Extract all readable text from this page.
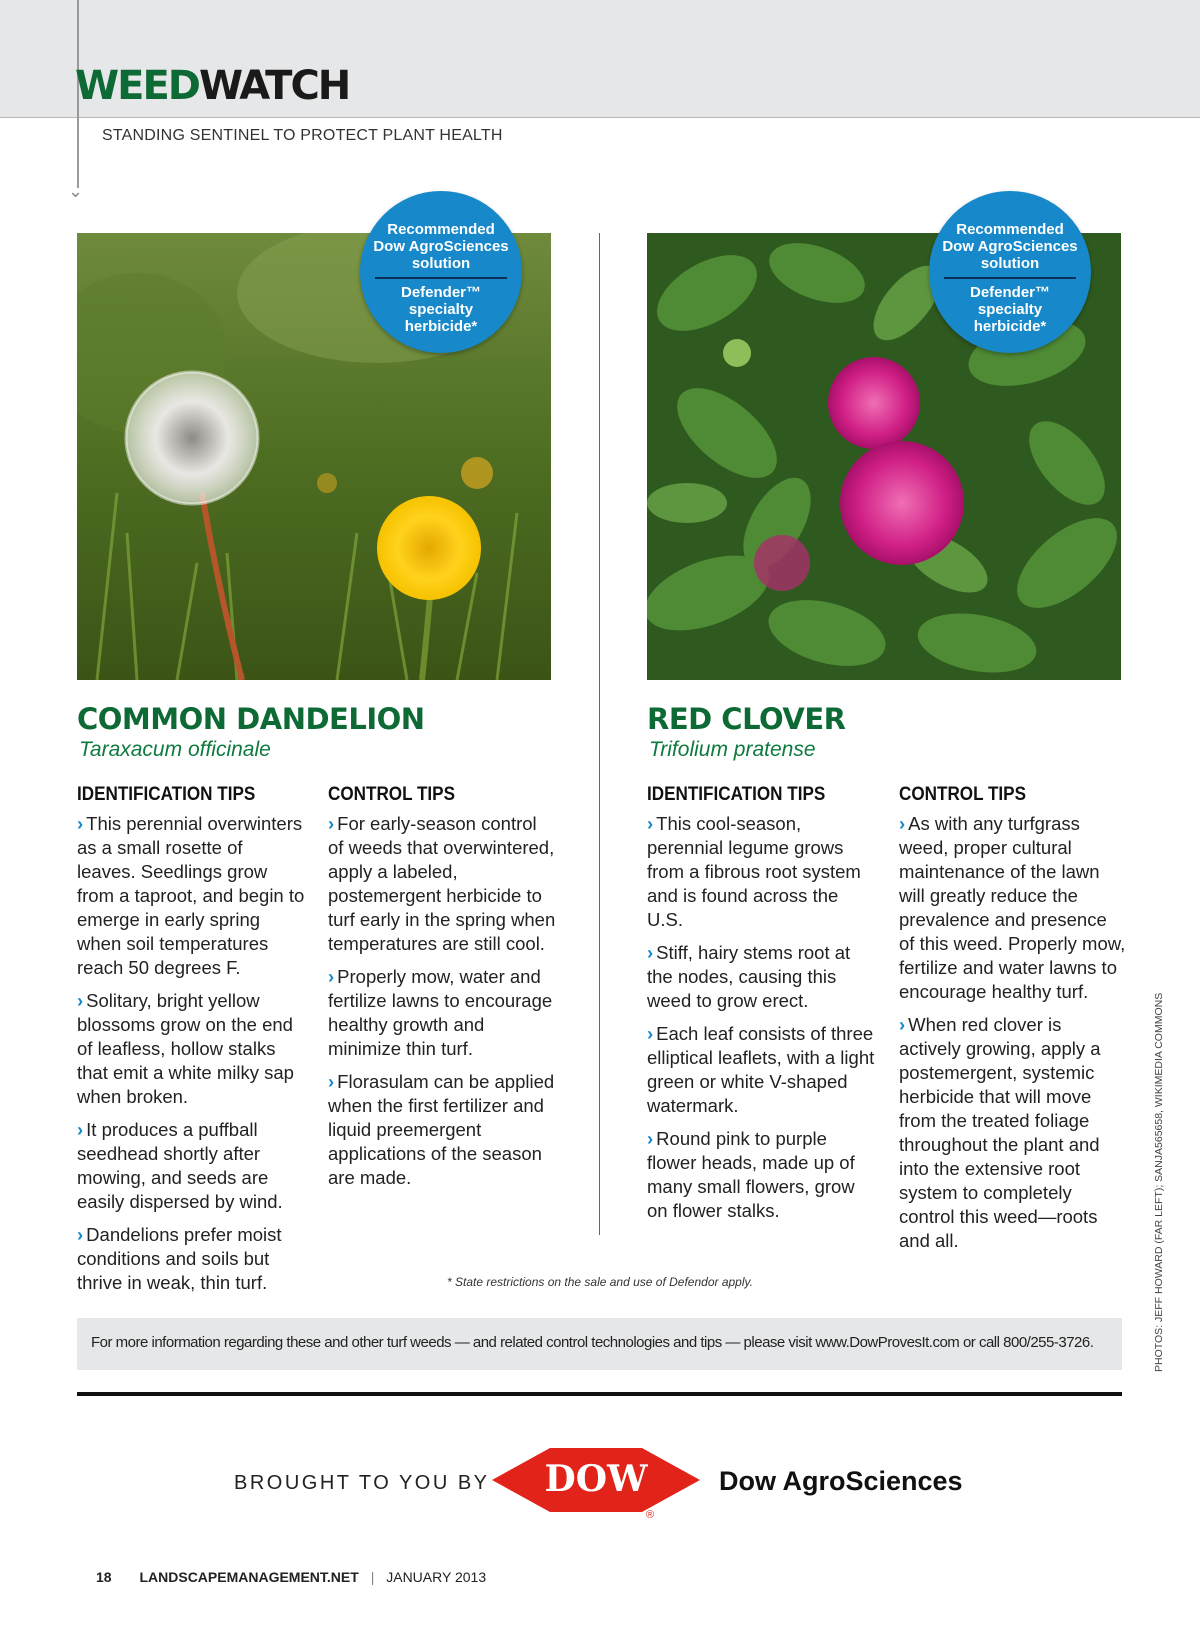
⌄
WEEDWATCH
STANDING SENTINEL TO PROTECT PLANT HEALTH
Recommended Dow AgroSciences solution
Defender™ specialty herbicide*
Recommended Dow AgroSciences solution
Defender™ specialty herbicide*
COMMON DANDELION
Taraxacum officinale
IDENTIFICATION TIPS

› This perennial overwinters as a small rosette of leaves. Seedlings grow from a taproot, and begin to emerge in early spring when soil temperatures reach 50 degrees F.

› Solitary, bright yellow blossoms grow on the end of leafless, hollow stalks that emit a white milky sap when broken.

› It produces a puffball seedhead shortly after mowing, and seeds are easily dispersed by wind.

› Dandelions prefer moist conditions and soils but thrive in weak, thin turf.

CONTROL TIPS

› For early-season control of weeds that overwintered, apply a labeled, postemergent herbicide to turf early in the spring when temperatures are still cool.

› Properly mow, water and fertilize lawns to encourage healthy growth and minimize thin turf.

› Florasulam can be applied when the first fertilizer and liquid preemergent applications of the season are made.

RED CLOVER
Trifolium pratense
IDENTIFICATION TIPS

› This cool-season, perennial legume grows from a fibrous root system and is found across the U.S.

› Stiff, hairy stems root at the nodes, causing this weed to grow erect.

› Each leaf consists of three elliptical leaflets, with a light green or white V-shaped watermark.

› Round pink to purple flower heads, made up of many small flowers, grow on flower stalks.

CONTROL TIPS

› As with any turfgrass weed, proper cultural maintenance of the lawn will greatly reduce the prevalence and presence of this weed. Properly mow, fertilize and water lawns to encourage healthy turf.

› When red clover is actively growing, apply a postemergent, systemic herbicide that will move from the treated foliage throughout the plant and into the extensive root system to completely control this weed—roots and all.

* State restrictions on the sale and use of Defendor apply.	PHOTOS: JEFF HOWARD (FAR LEFT); SANJA565658, WIKIMEDIA COMMONS
For more information regarding these and other turf weeds — and related control technologies and tips — please visit www.DowProvesIt.com or call 800/255-3726.
BROUGHT TO YOU BY DOW
®
Dow AgroSciences
18 LANDSCAPEMANAGEMENT.NET | JANUARY 2013
